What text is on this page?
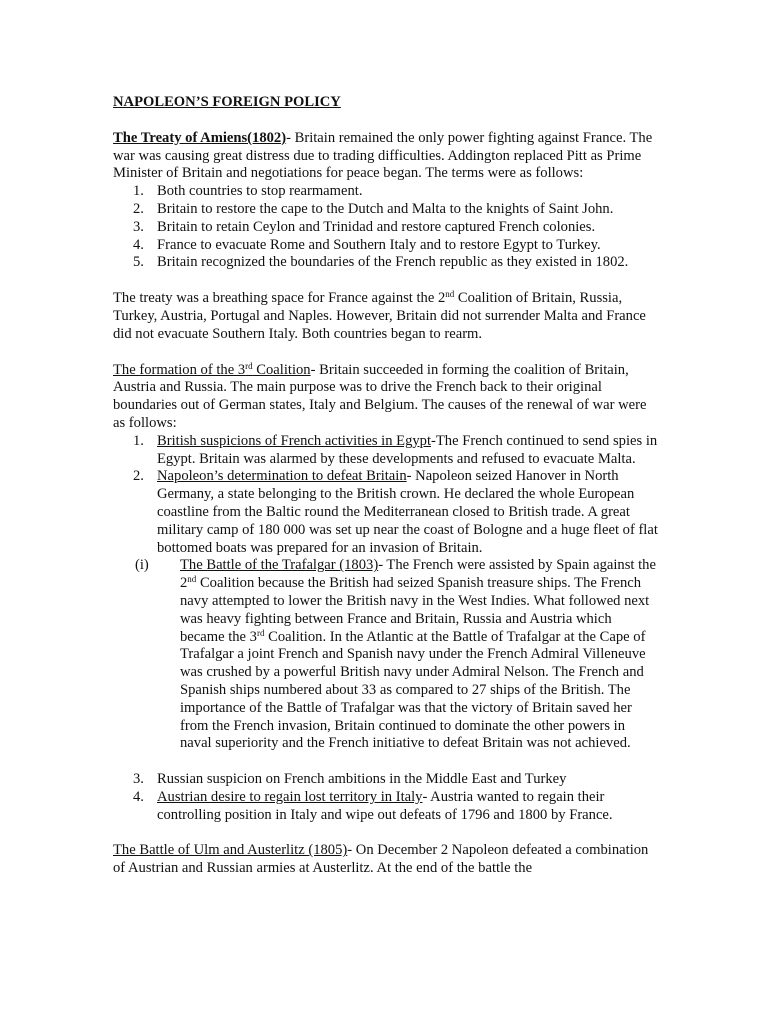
NAPOLEON’S FOREIGN POLICY

The Treaty of Amiens(1802)- Britain remained the only power fighting against France. The war was causing great distress due to trading difficulties. Addington replaced Pitt as Prime Minister of Britain and negotiations for peace began. The terms were as follows:

1. Both countries to stop rearmament.
2. Britain to restore the cape to the Dutch and Malta to the knights of Saint John.
3. Britain to retain Ceylon and Trinidad and restore captured French colonies.
4. France to evacuate Rome and Southern Italy and to restore Egypt to Turkey.
5. Britain recognized the boundaries of the French republic as they existed in 1802.

The treaty was a breathing space for France against the 2nd Coalition of Britain, Russia, Turkey, Austria, Portugal and Naples. However, Britain did not surrender Malta and France did not evacuate Southern Italy. Both countries began to rearm.

The formation of the 3rd Coalition- Britain succeeded in forming the coalition of Britain, Austria and Russia. The main purpose was to drive the French back to their original boundaries out of German states, Italy and Belgium. The causes of the renewal of war were as follows:

1. British suspicions of French activities in Egypt-The French continued to send spies in Egypt. Britain was alarmed by these developments and refused to evacuate Malta.
2. Napoleon’s determination to defeat Britain- Napoleon seized Hanover in North Germany, a state belonging to the British crown. He declared the whole European coastline from the Baltic round the Mediterranean closed to British trade. A great military camp of 180 000 was set up near the coast of Bologne and a huge fleet of flat bottomed boats was prepared for an invasion of Britain.
(i) The Battle of the Trafalgar (1803)- The French were assisted by Spain against the 2nd Coalition because the British had seized Spanish treasure ships. The French navy attempted to lower the British navy in the West Indies. What followed next was heavy fighting between France and Britain, Russia and Austria which became the 3rd Coalition. In the Atlantic at the Battle of Trafalgar at the Cape of Trafalgar a joint French and Spanish navy under the French Admiral Villeneuve was crushed by a powerful British navy under Admiral Nelson. The French and Spanish ships numbered about 33 as compared to 27 ships of the British. The importance of the Battle of Trafalgar was that the victory of Britain saved her from the French invasion, Britain continued to dominate the other powers in naval superiority and the French initiative to defeat Britain was not achieved.
3. Russian suspicion on French ambitions in the Middle East and Turkey
4. Austrian desire to regain lost territory in Italy- Austria wanted to regain their controlling position in Italy and wipe out defeats of 1796 and 1800 by France.

The Battle of Ulm and Austerlitz (1805)- On December 2 Napoleon defeated a combination of Austrian and Russian armies at Austerlitz. At the end of the battle the
